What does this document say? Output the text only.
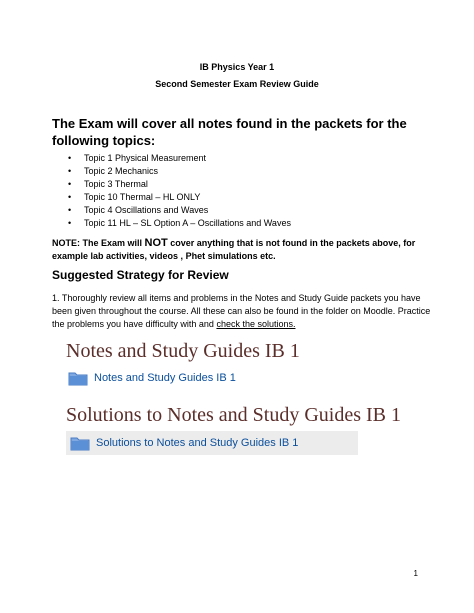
IB Physics Year 1
Second Semester Exam Review Guide
The Exam will cover all notes found in the packets for the following topics:
• Topic 1 Physical Measurement
• Topic 2 Mechanics
• Topic 3 Thermal
• Topic 10 Thermal – HL ONLY
• Topic 4 Oscillations and Waves
• Topic 11 HL – SL Option A – Oscillations and Waves
NOTE: The Exam will NOT cover anything that is not found in the packets above, for example lab activities, videos , Phet simulations etc.
Suggested Strategy for Review
1. Thoroughly review all items and problems in the Notes and Study Guide packets you have been given throughout the course. All these can also be found in the folder on Moodle. Practice the problems you have difficulty with and check the solutions.
Notes and Study Guides IB 1
Notes and Study Guides IB 1
Solutions to Notes and Study Guides IB 1
Solutions to Notes and Study Guides IB 1
1
